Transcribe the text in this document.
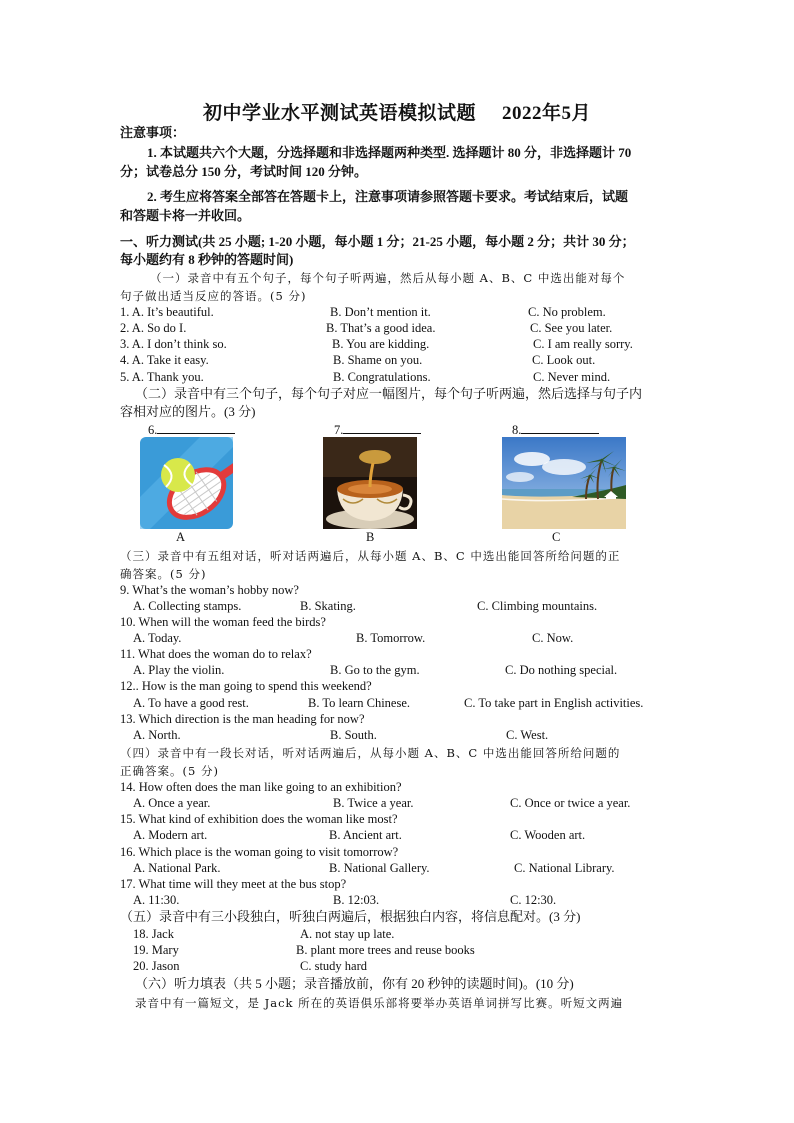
初中学业水平测试英语模拟试题 2022年5月
注意事项：
1. 本试题共六个大题，分选择题和非选择题两种类型. 选择题计 80 分，非选择题计 70
分；试卷总分 150 分，考试时间 120 分钟。
2. 考生应将答案全部答在答题卡上，注意事项请参照答题卡要求。考试结束后，试题
和答题卡将一并收回。
一、听力测试(共 25 小题; 1-20 小题，每小题 1 分；21-25 小题，每小题 2 分；共计 30 分；
每小题约有 8 秒钟的答题时间)
（一）录音中有五个句子，每个句子听两遍，然后从每小题 A、B、C 中选出能对每个
句子做出适当反应的答语。(5 分)
1. A. It’s beautiful.	B. Don’t mention it.	C. No problem.
2. A. So do I.	B. That’s a good idea.	C. See you later.
3. A. I don’t think so.	B. You are kidding.	C. I am really sorry.
4. A. Take it easy.	B. Shame on you.	C. Look out.
5. A. Thank you.	B. Congratulations.	C. Never mind.
（二）录音中有三个句子，每个句子对应一幅图片，每个句子听两遍，然后选择与句子内
容相对应的图片。(3 分)
6.	7.	8.
A	B	C
（三）录音中有五组对话，听对话两遍后，从每小题 A、B、C 中选出能回答所给问题的正
确答案。(5 分)
9. What’s the woman’s hobby now?
A. Collecting stamps.	B. Skating.	C. Climbing mountains.
10. When will the woman feed the birds?
A. Today.	B. Tomorrow.	C. Now.
11. What does the woman do to relax?
A. Play the violin.	B. Go to the gym.	C. Do nothing special.
12.. How is the man going to spend this weekend?
A. To have a good rest.	B. To learn Chinese.	C. To take part in English activities.
13. Which direction is the man heading for now?
A. North.	B. South.	C. West.
（四）录音中有一段长对话，听对话两遍后，从每小题 A、B、C 中选出能回答所给问题的
正确答案。(5 分)
14. How often does the man like going to an exhibition?
A. Once a year.	B. Twice a year.	C. Once or twice a year.
15. What kind of exhibition does the woman like most?
A. Modern art.	B. Ancient art.	C. Wooden art.
16. Which place is the woman going to visit tomorrow?
A. National Park.	B. National Gallery.	C. National Library.
17. What time will they meet at the bus stop?
A. 11:30.	B. 12:03.	C. 12:30.
（五）录音中有三小段独白，听独白两遍后，根据独白内容，将信息配对。(3 分)
18. Jack	A. not stay up late.
19. Mary	B. plant more trees and reuse books
20. Jason	C. study hard
（六）听力填表（共 5 小题；录音播放前，你有 20 秒钟的读题时间)。(10 分)
录音中有一篇短文，是 Jack 所在的英语俱乐部将要举办英语单词拼写比赛。听短文两遍
